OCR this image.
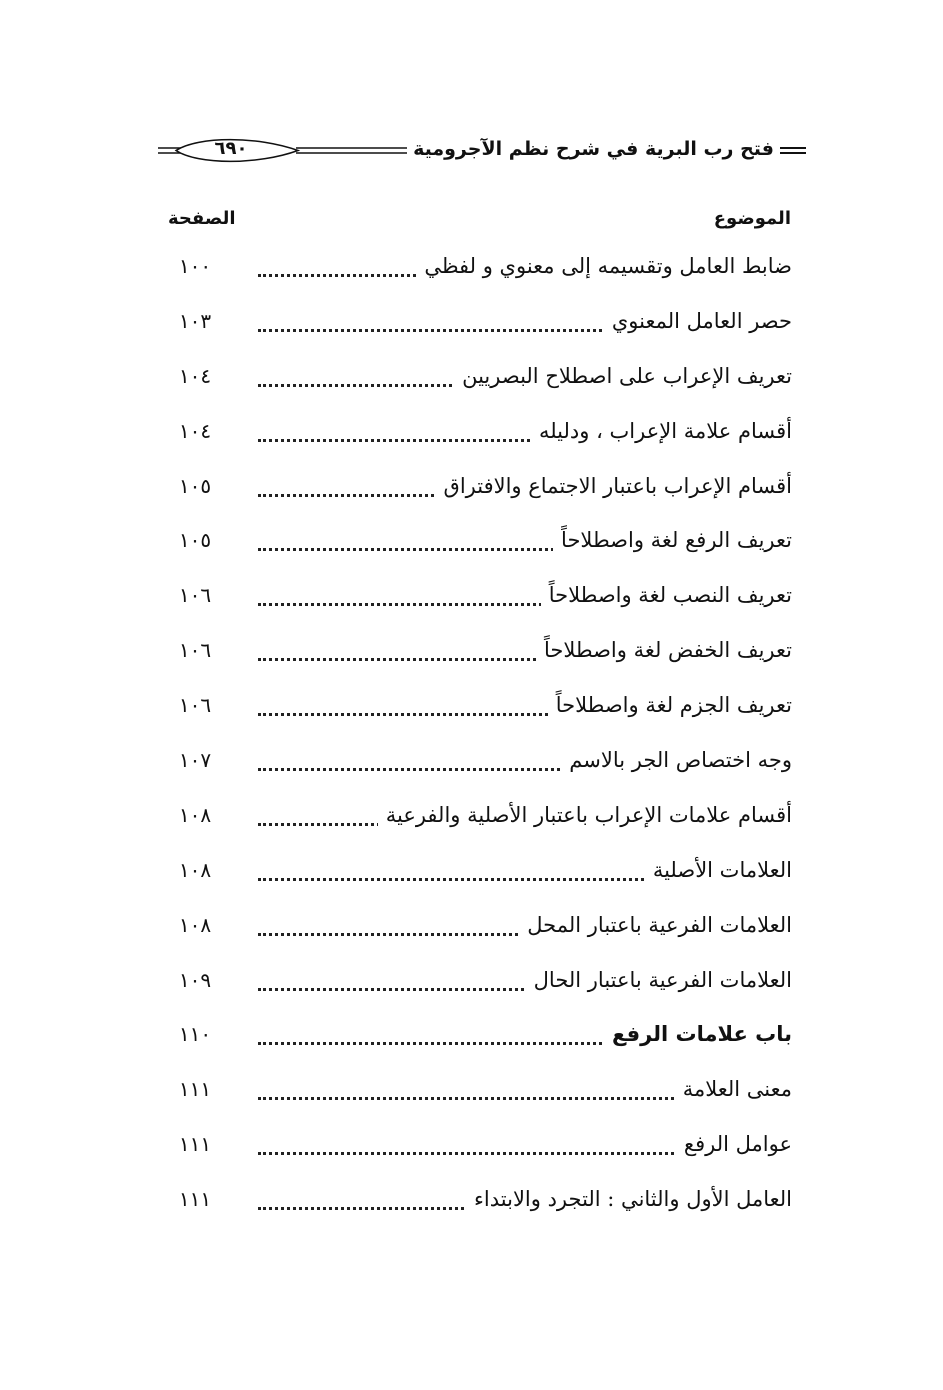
٦٩٠	فتح رب البرية في شرح نظم الآجرومية
الموضوع
الصفحة
ضابط العامل وتقسيمه إلى معنوي و لفظي
١٠٠
حصر العامل المعنوي
١٠٣
تعريف الإعراب على اصطلاح البصريين
١٠٤
أقسام علامة الإعراب ، ودليله
١٠٤
أقسام الإعراب باعتبار الاجتماع والافتراق
١٠٥
تعريف الرفع لغة واصطلاحاً
١٠٥
تعريف النصب لغة واصطلاحاً
١٠٦
تعريف الخفض لغة واصطلاحاً
١٠٦
تعريف الجزم لغة واصطلاحاً
١٠٦
وجه اختصاص الجر بالاسم
١٠٧
أقسام علامات الإعراب باعتبار الأصلية والفرعية
١٠٨
العلامات الأصلية
١٠٨
العلامات الفرعية باعتبار المحل
١٠٨
العلامات الفرعية باعتبار الحال
١٠٩
باب علامات الرفع
١١٠
معنى العلامة
١١١
عوامل الرفع
١١١
العامل الأول والثاني : التجرد والابتداء
١١١
